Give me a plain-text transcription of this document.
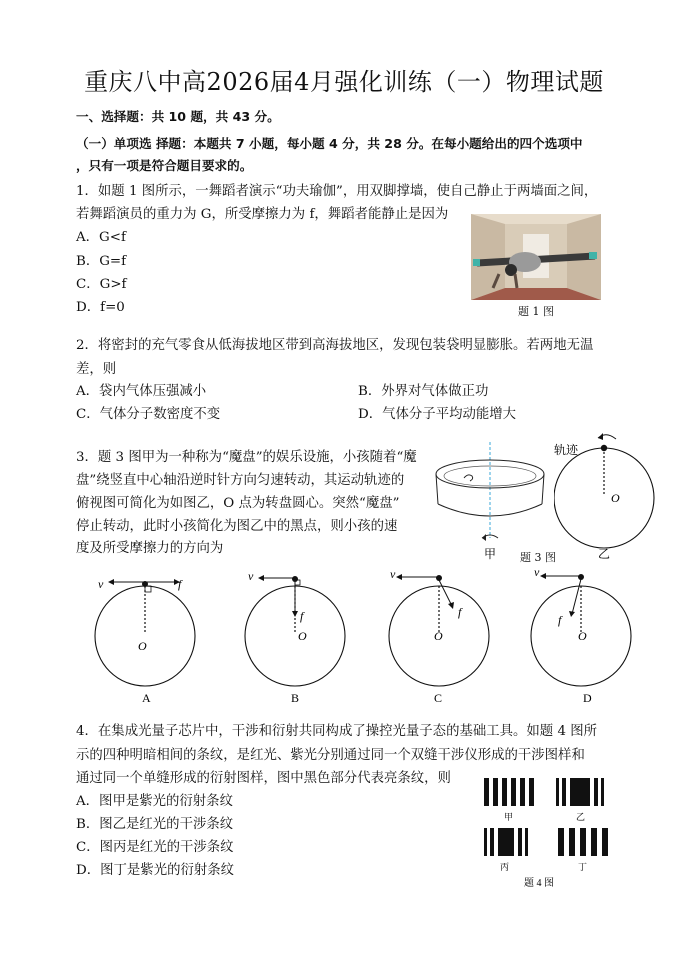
重庆八中高2026届4月强化训练（一）物理试题
一、选择题：共 10 题，共 43 分。
（一）单项选 择题：本题共 7 小题，每小题 4 分，共 28 分。在每小题给出的四个选项中
，只有一项是符合题目要求的。
1．如题 1 图所示，一舞蹈者演示“功夫瑜伽”，用双脚撑墙，使自己静止于两墙面之间，
若舞蹈演员的重力为 G，所受摩擦力为 f，舞蹈者能静止是因为
A．G<f
B．G=f
C．G>f
D．f=0	题 1 图
2．将密封的充气零食从低海拔地区带到高海拔地区，发现包装袋明显膨胀。若两地无温
差，则
A．袋内气体压强减小	B．外界对气体做正功
C．气体分子数密度不变	D．气体分子平均动能增大
3．题 3 图甲为一种称为“魔盘”的娱乐设施，小孩随着“魔
盘”绕竖直中心轴沿逆时针方向匀速转动，其运动轨迹的
俯视图可简化为如图乙，O 点为转盘圆心。突然“魔盘”
停止转动，此时小孩简化为图乙中的黑点，则小孩的速
度及所受摩擦力的方向为	甲 题 3 图
轨迹
O
乙
v	f
O
A
v
f
O
B
v
f
O
C
v
f
O
D
4．在集成光量子芯片中，干涉和衍射共同构成了操控光量子态的基础工具。如题 4 图所
示的四种明暗相间的条纹，是红光、紫光分别通过同一个双缝干涉仪形成的干涉图样和
通过同一个单缝形成的衍射图样，图中黑色部分代表亮条纹，则
A．图甲是紫光的衍射条纹
B．图乙是红光的干涉条纹
C．图丙是红光的干涉条纹
D．图丁是紫光的衍射条纹
甲	乙
丙	丁
题 4 图
